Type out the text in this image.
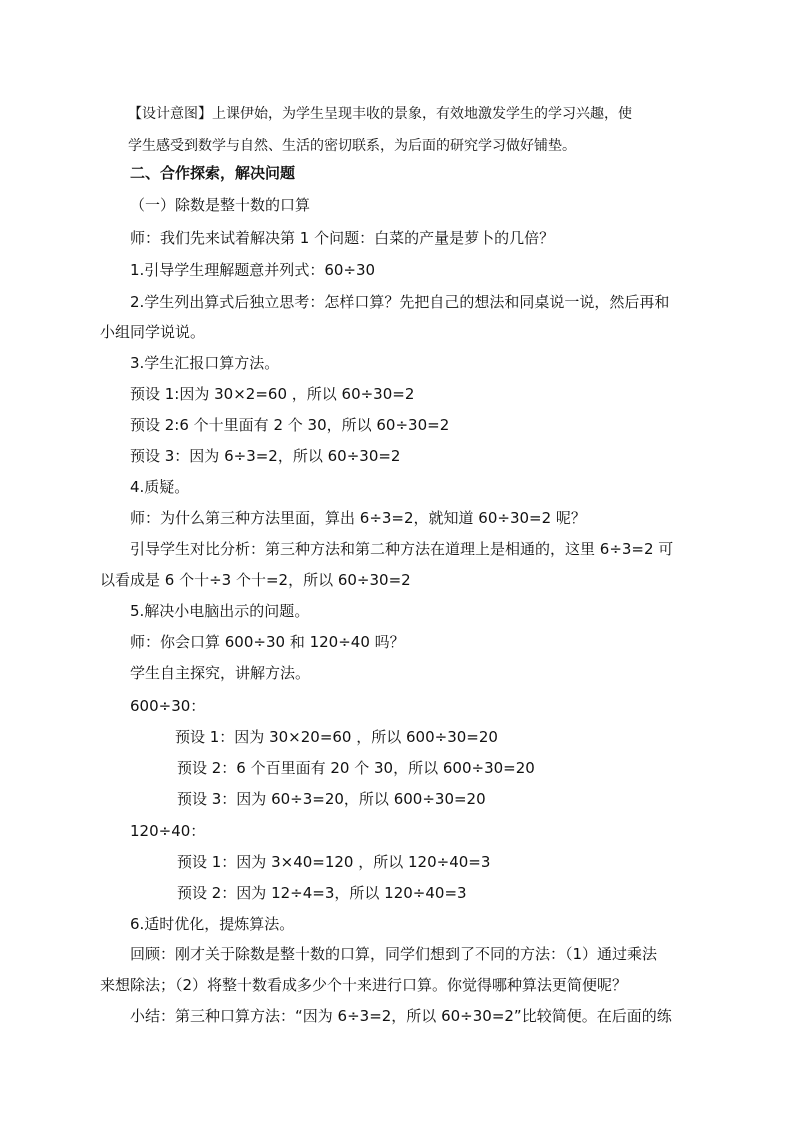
【设计意图】上课伊始，为学生呈现丰收的景象，有效地激发学生的学习兴趣，使
学生感受到数学与自然、生活的密切联系，为后面的研究学习做好铺垫。
二、合作探索，解决问题
（一）除数是整十数的口算
师：我们先来试着解决第 1 个问题：白菜的产量是萝卜的几倍？
1.引导学生理解题意并列式：60÷30
2.学生列出算式后独立思考：怎样口算？先把自己的想法和同桌说一说，然后再和
小组同学说说。
3.学生汇报口算方法。
预设 1:因为 30×2=60 ，所以 60÷30=2
预设 2:6 个十里面有 2 个 30，所以 60÷30=2
预设 3：因为 6÷3=2，所以 60÷30=2
4.质疑。
师：为什么第三种方法里面，算出 6÷3=2，就知道 60÷30=2 呢？
引导学生对比分析：第三种方法和第二种方法在道理上是相通的，这里 6÷3=2 可
以看成是 6 个十÷3 个十=2，所以 60÷30=2
5.解决小电脑出示的问题。
师：你会口算 600÷30 和 120÷40 吗？
学生自主探究，讲解方法。
600÷30：
预设 1：因为 30×20=60 ，所以 600÷30=20
预设 2：6 个百里面有 20 个 30，所以 600÷30=20
预设 3：因为 60÷3=20，所以 600÷30=20
120÷40：
预设 1：因为 3×40=120 ，所以 120÷40=3
预设 2：因为 12÷4=3，所以 120÷40=3
6.适时优化，提炼算法。
回顾：刚才关于除数是整十数的口算，同学们想到了不同的方法：（1）通过乘法
来想除法；（2）将整十数看成多少个十来进行口算。你觉得哪种算法更简便呢？
小结：第三种口算方法：“因为 6÷3=2，所以 60÷30=2”比较简便。在后面的练
